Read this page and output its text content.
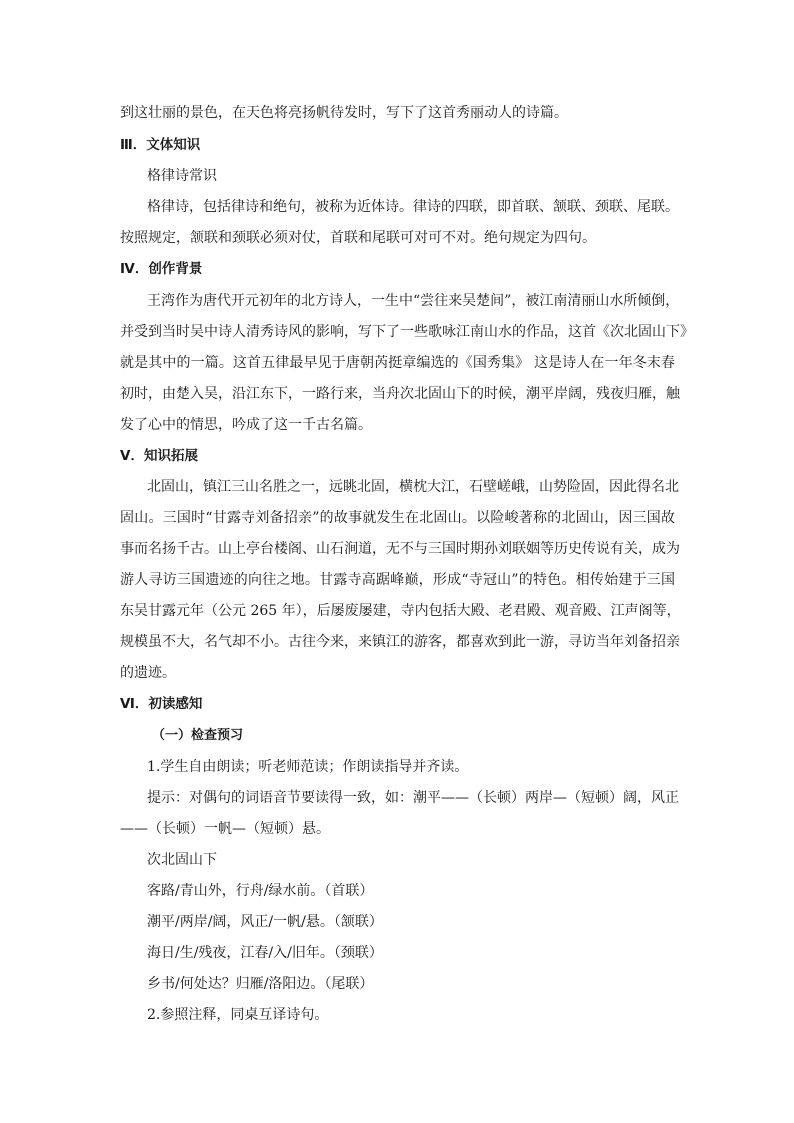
到这壮丽的景色，在天色将亮扬帆待发时，写下了这首秀丽动人的诗篇。
Ⅲ．文体知识
格律诗常识
格律诗，包括律诗和绝句，被称为近体诗。律诗的四联，即首联、颔联、颈联、尾联。
按照规定，颔联和颈联必须对仗，首联和尾联可对可不对。绝句规定为四句。
Ⅳ．创作背景
王湾作为唐代开元初年的北方诗人，一生中“尝往来吴楚间”，被江南清丽山水所倾倒，
并受到当时吴中诗人清秀诗风的影响，写下了一些歌咏江南山水的作品，这首《次北固山下》
就是其中的一篇。这首五律最早见于唐朝芮挺章编选的《国秀集》 这是诗人在一年冬末春
初时，由楚入吴，沿江东下，一路行来，当舟次北固山下的时候，潮平岸阔，残夜归雁，触
发了心中的情思，吟成了这一千古名篇。
Ⅴ．知识拓展
北固山，镇江三山名胜之一，远眺北固，横枕大江，石壁嵯峨，山势险固，因此得名北
固山。三国时“甘露寺刘备招亲”的故事就发生在北固山。以险峻著称的北固山，因三国故
事而名扬千古。山上亭台楼阁、山石涧道，无不与三国时期孙刘联姻等历史传说有关，成为
游人寻访三国遗迹的向往之地。甘露寺高踞峰巅，形成“寺冠山”的特色。相传始建于三国
东吴甘露元年（公元 265 年），后屡废屡建，寺内包括大殿、老君殿、观音殿、江声阁等，
规模虽不大，名气却不小。古往今来，来镇江的游客，都喜欢到此一游，寻访当年刘备招亲
的遗迹。
Ⅵ．初读感知
（一）检查预习
1.学生自由朗读；听老师范读；作朗读指导并齐读。
提示：对偶句的词语音节要读得一致，如：潮平——（长顿）两岸—（短顿）阔，风正
——（长顿）一帆—（短顿）悬。
次北固山下
客路/青山外，行舟/绿水前。（首联）
潮平/两岸/阔，风正/一帆/悬。（颔联）
海日/生/残夜，江春/入/旧年。（颈联）
乡书/何处达？归雁/洛阳边。（尾联）
2.参照注释，同桌互译诗句。
